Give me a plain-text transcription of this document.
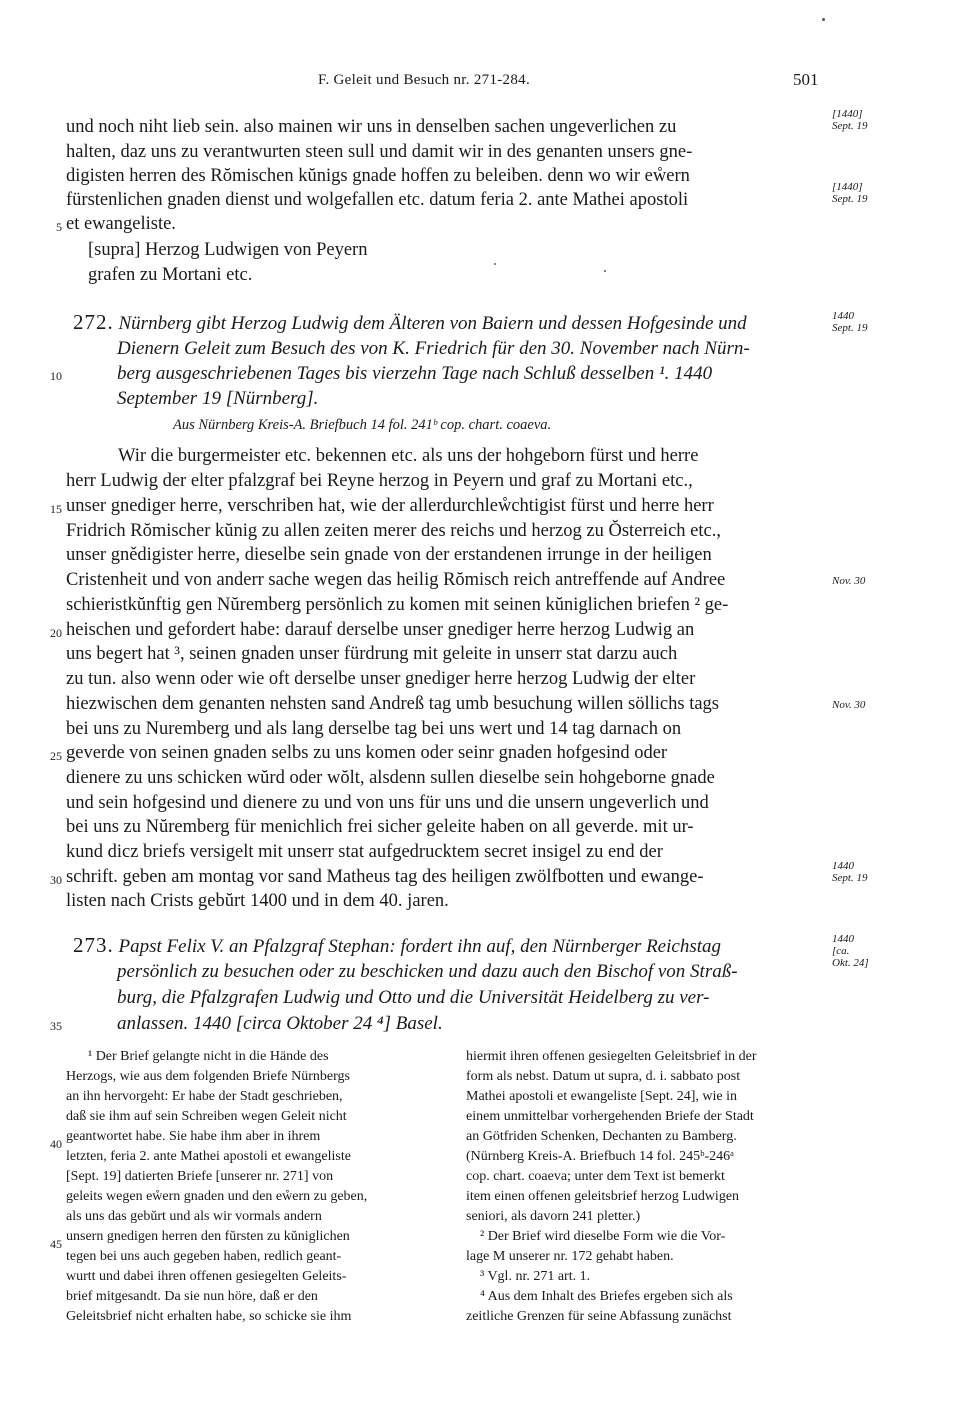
F. Geleit und Besuch nr. 271-284.	501
und noch niht lieb sein. also mainen wir uns in denselben sachen ungeverlichen zu
halten, daz uns zu verantwurten steen sull und damit wir in des genanten unsers gne-
digisten herren des Rŏmischen kŭnigs gnade hoffen zu beleiben. denn wo wir eẘern
fürstenlichen gnaden dienst und wolgefallen etc. datum feria 2. ante Mathei apostoli
et ewangeliste.
[supra] Herzog Ludwigen von Peyern
grafen zu Mortani etc.
272. Nürnberg gibt Herzog Ludwig dem Älteren von Baiern und dessen Hofgesinde und
Dienern Geleit zum Besuch des von K. Friedrich für den 30. November nach Nürn-
berg ausgeschriebenen Tages bis vierzehn Tage nach Schluß desselben ¹. 1440
September 19 [Nürnberg].
Aus Nürnberg Kreis-A. Briefbuch 14 fol. 241ᵇ cop. chart. coaeva.
Wir die burgermeister etc. bekennen etc. als uns der hohgeborn fürst und herre
herr Ludwig der elter pfalzgraf bei Reyne herzog in Peyern und graf zu Mortani etc.,
unser gnediger herre, verschriben hat, wie der allerdurchleẘchtigist fürst und herre herr
Fridrich Rŏmischer kŭnig zu allen zeiten merer des reichs und herzog zu Ŏsterreich etc.,
unser gnědigister herre, dieselbe sein gnade von der erstandenen irrunge in der heiligen
Cristenheit und von anderr sache wegen das heilig Rŏmisch reich antreffende auf Andree
schieristkŭnftig gen Nŭremberg persönlich zu komen mit seinen kŭniglichen briefen ² ge-
heischen und gefordert habe: darauf derselbe unser gnediger herre herzog Ludwig an
uns begert hat ³, seinen gnaden unser fürdrung mit geleite in unserr stat darzu auch
zu tun. also wenn oder wie oft derselbe unser gnediger herre herzog Ludwig der elter
hiezwischen dem genanten nehsten sand Andreß tag umb besuchung willen söllichs tags
bei uns zu Nuremberg und als lang derselbe tag bei uns wert und 14 tag darnach on
geverde von seinen gnaden selbs zu uns komen oder seinr gnaden hofgesind oder
dienere zu uns schicken wŭrd oder wŏlt, alsdenn sullen dieselbe sein hohgeborne gnade
und sein hofgesind und dienere zu und von uns für uns und die unsern ungeverlich und
bei uns zu Nŭremberg für menichlich frei sicher geleite haben on all geverde. mit ur-
kund dicz briefs versigelt mit unserr stat aufgedrucktem secret insigel zu end der
schrift. geben am montag vor sand Matheus tag des heiligen zwölfbotten und ewange-
listen nach Crists gebŭrt 1400 und in dem 40. jaren.
273. Papst Felix V. an Pfalzgraf Stephan: fordert ihn auf, den Nürnberger Reichstag
persönlich zu besuchen oder zu beschicken und dazu auch den Bischof von Straß-
burg, die Pfalzgrafen Ludwig und Otto und die Universität Heidelberg zu ver-
anlassen. 1440 [circa Oktober 24 ⁴] Basel.
5
10
15
20
25
30
35
40
45
[1440]
Sept. 19
[1440]
Sept. 19
1440
Sept. 19
Nov. 30
Nov. 30
1440
Sept. 19
1440
[ca.
Okt. 24]
¹ Der Brief gelangte nicht in die Hände des
Herzogs, wie aus dem folgenden Briefe Nürnbergs
an ihn hervorgeht: Er habe der Stadt geschrieben,
daß sie ihm auf sein Schreiben wegen Geleit nicht
geantwortet habe. Sie habe ihm aber in ihrem
letzten, feria 2. ante Mathei apostoli et ewangeliste
[Sept. 19] datierten Briefe [unserer nr. 271] von
geleits wegen eẘern gnaden und den eẘern zu geben,
als uns das gebŭrt und als wir vormals andern
unsern gnedigen herren den fŭrsten zu kŭniglichen
tegen bei uns auch gegeben haben, redlich geant-
wurtt und dabei ihren offenen gesiegelten Geleits-
brief mitgesandt. Da sie nun höre, daß er den
Geleitsbrief nicht erhalten habe, so schicke sie ihm
hiermit ihren offenen gesiegelten Geleitsbrief in der
form als nebst. Datum ut supra, d. i. sabbato post
Mathei apostoli et ewangeliste [Sept. 24], wie in
einem unmittelbar vorhergehenden Briefe der Stadt
an Götfriden Schenken, Dechanten zu Bamberg.
(Nürnberg Kreis-A. Briefbuch 14 fol. 245ᵇ-246ᵃ
cop. chart. coaeva; unter dem Text ist bemerkt
item einen offenen geleitsbrief herzog Ludwigen
seniori, als davorn 241 pletter.)
² Der Brief wird dieselbe Form wie die Vor-
lage M unserer nr. 172 gehabt haben.
³ Vgl. nr. 271 art. 1.
⁴ Aus dem Inhalt des Briefes ergeben sich als
zeitliche Grenzen für seine Abfassung zunächst
